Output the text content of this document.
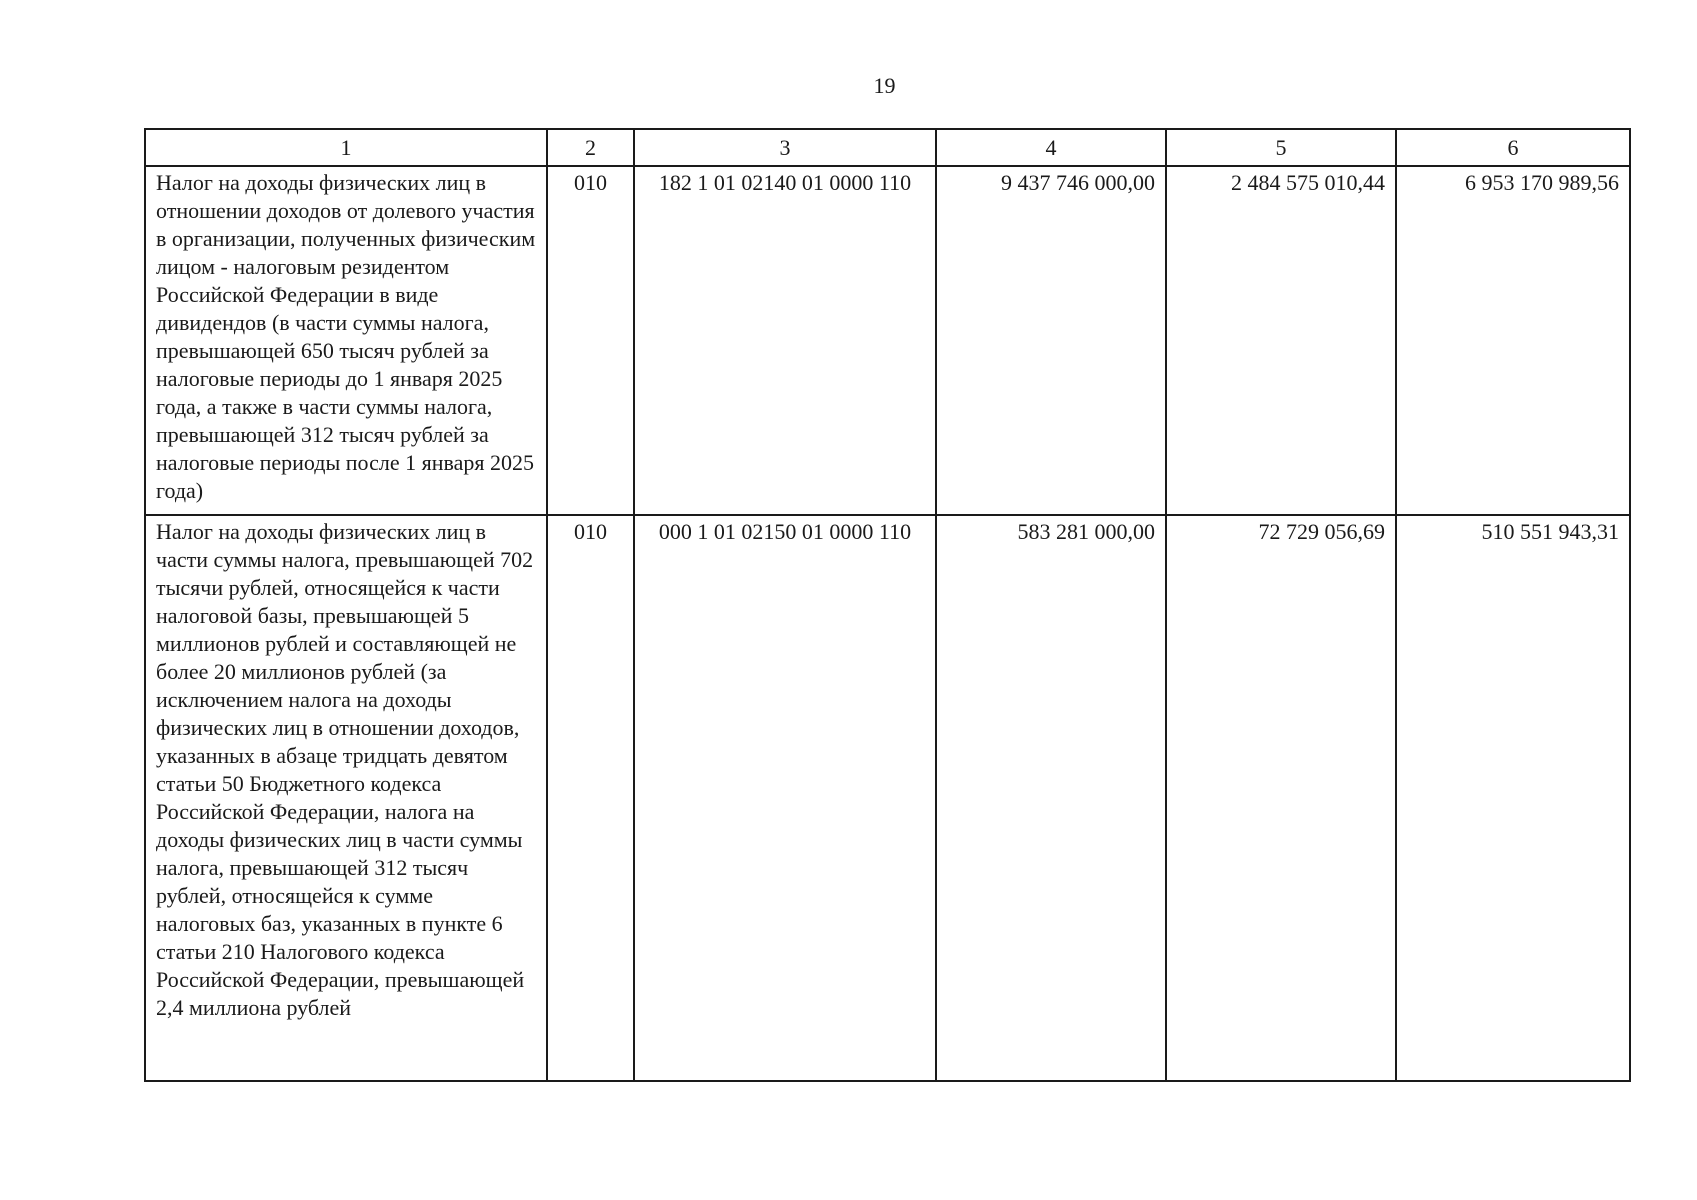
19
1	2	3	4	5	6
Налог на доходы физических лиц в отношении доходов от долевого участия в организации, полученных физическим лицом - налоговым резидентом Российской Федерации в виде дивидендов (в части суммы налога, превышающей 650 тысяч рублей за налоговые периоды до 1 января 2025 года, а также в части суммы налога, превышающей 312 тысяч рублей за налоговые периоды после 1 января 2025 года)	010	182 1 01 02140 01 0000 110	9 437 746 000,00	2 484 575 010,44	6 953 170 989,56
Налог на доходы физических лиц в части суммы налога, превышающей 702 тысячи рублей, относящейся к части налоговой базы, превышающей 5 миллионов рублей и составляющей не более 20 миллионов рублей (за исключением налога на доходы физических лиц в отношении доходов, указанных в абзаце тридцать девятом статьи 50 Бюджетного кодекса Российской Федерации, налога на доходы физических лиц в части суммы налога, превышающей 312 тысяч рублей, относящейся к сумме налоговых баз, указанных в пункте 6 статьи 210 Налогового кодекса Российской Федерации, превышающей 2,4 миллиона рублей	010	000 1 01 02150 01 0000 110	583 281 000,00	72 729 056,69	510 551 943,31
